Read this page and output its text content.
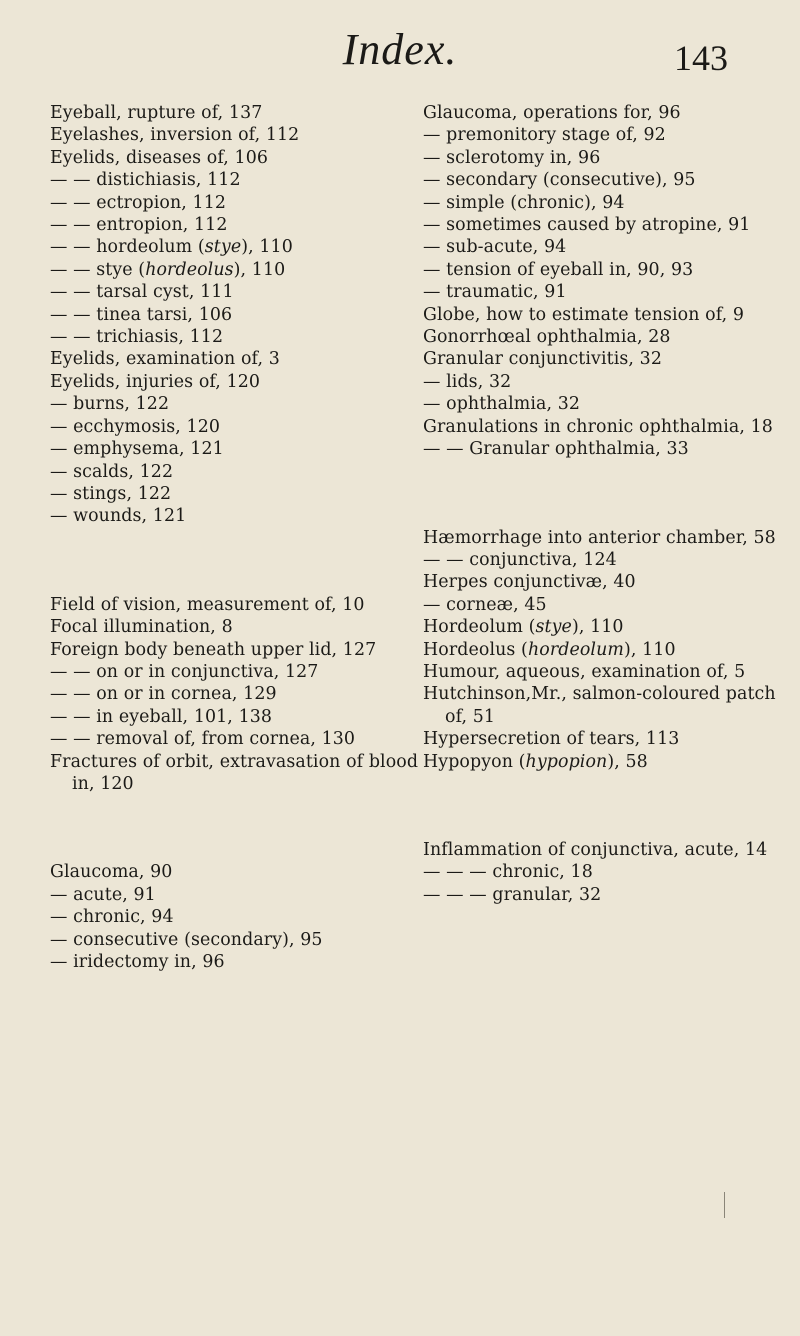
Index.	143
Eyeball, rupture of, 137
Eyelashes, inversion of, 112
Eyelids, diseases of, 106
— — distichiasis, 112
— — ectropion, 112
— — entropion, 112
— — hordeolum (stye), 110
— — stye (hordeolus), 110
— — tarsal cyst, 111
— — tinea tarsi, 106
— — trichiasis, 112
Eyelids, examination of, 3
Eyelids, injuries of, 120
— burns, 122
— ecchymosis, 120
— emphysema, 121
— scalds, 122
— stings, 122
— wounds, 121
Field of vision, measurement of, 10
Focal illumination, 8
Foreign body beneath upper lid, 127
— — on or in conjunctiva, 127
— — on or in cornea, 129
— — in eyeball, 101, 138
— — removal of, from cornea, 130
Fractures of orbit, extravasation of blood in, 120
Glaucoma, 90
— acute, 91
— chronic, 94
— consecutive (secondary), 95
— iridectomy in, 96
Glaucoma, operations for, 96
— premonitory stage of, 92
— sclerotomy in, 96
— secondary (consecutive), 95
— simple (chronic), 94
— sometimes caused by atropine, 91
— sub-acute, 94
— tension of eyeball in, 90, 93
— traumatic, 91
Globe, how to estimate tension of, 9
Gonorrhœal ophthalmia, 28
Granular conjunctivitis, 32
— lids, 32
— ophthalmia, 32
Granulations in chronic ophthalmia, 18
— — Granular ophthalmia, 33
Hæmorrhage into anterior chamber, 58
— — conjunctiva, 124
Herpes conjunctivæ, 40
— corneæ, 45
Hordeolum (stye), 110
Hordeolus (hordeolum), 110
Humour, aqueous, examination of, 5
Hutchinson,Mr., salmon-coloured patch of, 51
Hypersecretion of tears, 113
Hypopyon (hypopion), 58
Inflammation of conjunctiva, acute, 14
— — — chronic, 18
— — — granular, 32
